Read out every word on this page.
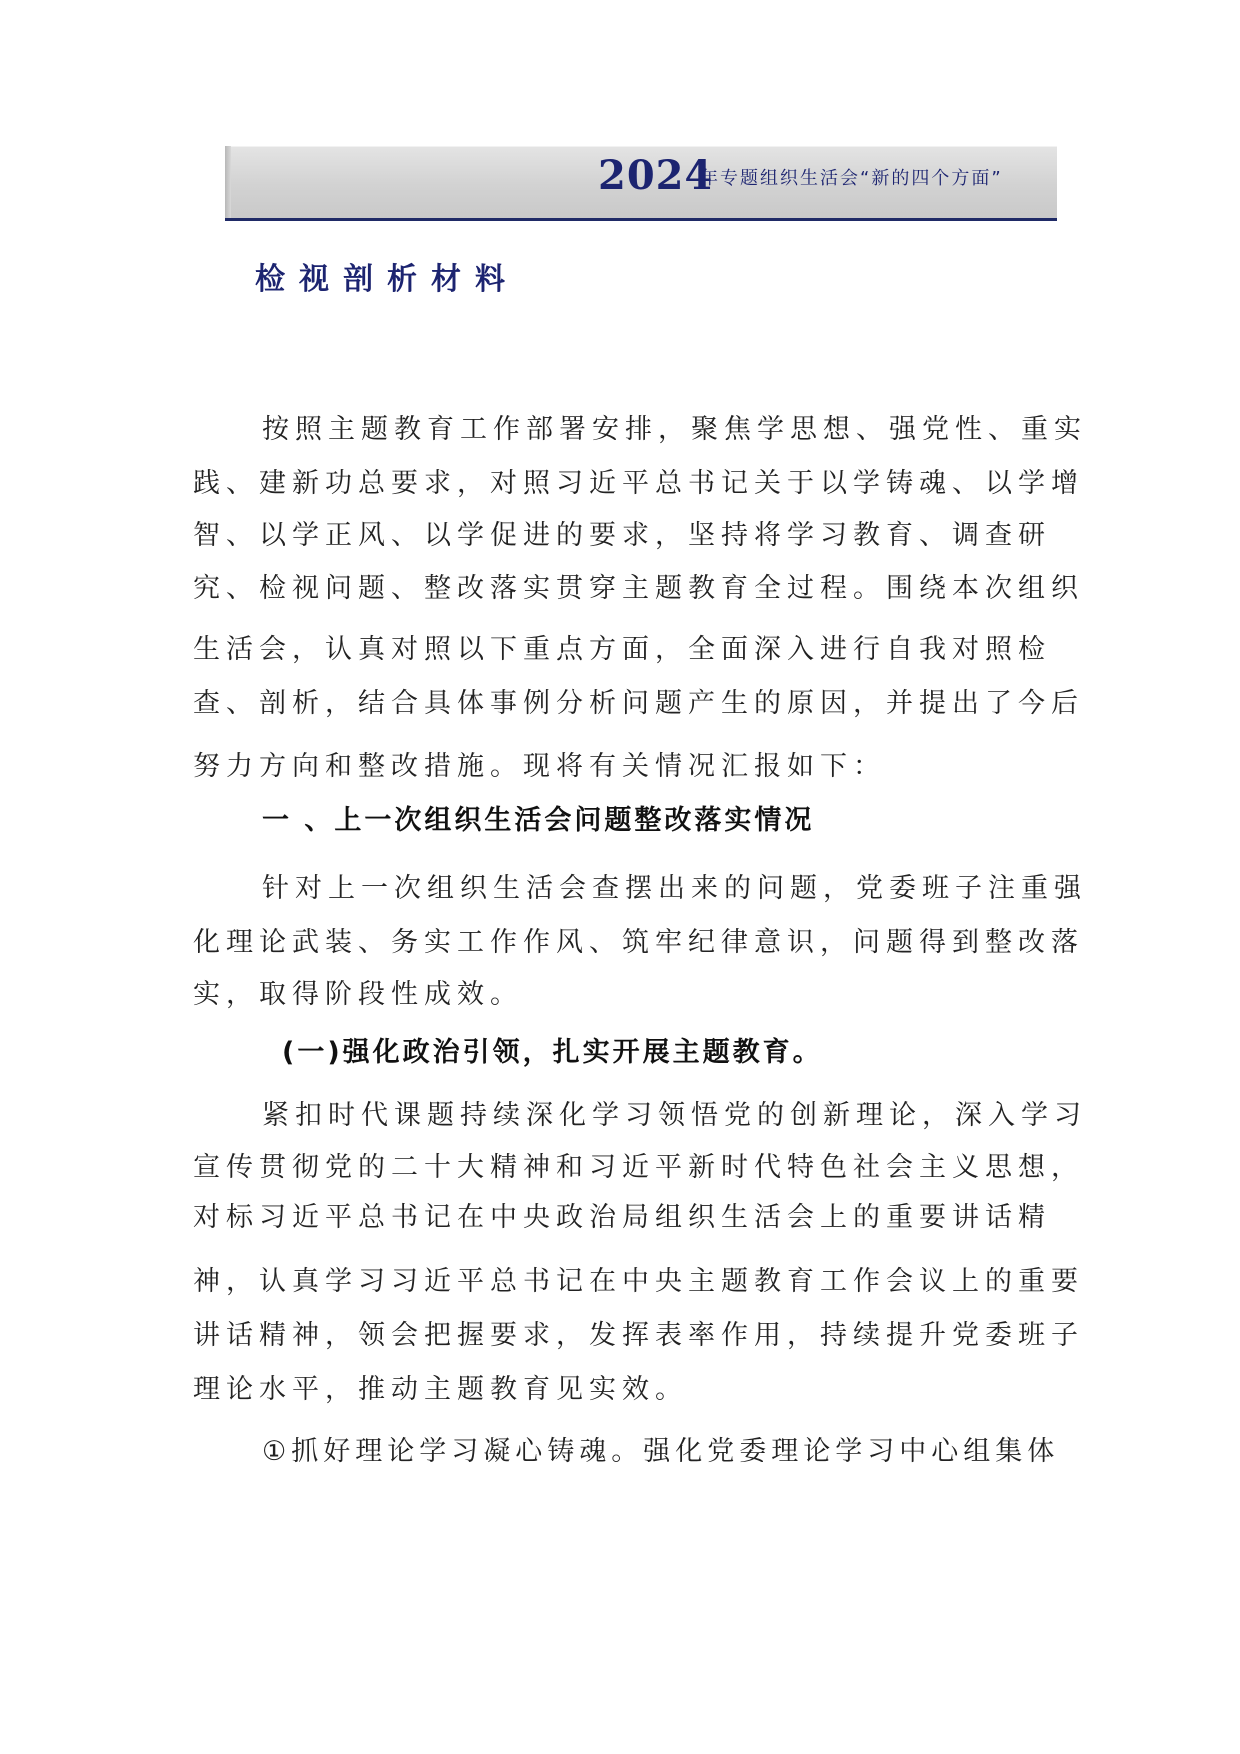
2024
年专题组织生活会“新的四个方面”
检视剖析材料
按照主题教育工作部署安排，聚焦学思想、强党性、重实
践、建新功总要求，对照习近平总书记关于以学铸魂、以学增
智、以学正风、以学促进的要求，坚持将学习教育、调查研
究、检视问题、整改落实贯穿主题教育全过程。围绕本次组织
生活会，认真对照以下重点方面，全面深入进行自我对照检
查、剖析，结合具体事例分析问题产生的原因，并提出了今后
努力方向和整改措施。现将有关情况汇报如下：
一 、上一次组织生活会问题整改落实情况
针对上一次组织生活会查摆出来的问题，党委班子注重强
化理论武装、务实工作作风、筑牢纪律意识，问题得到整改落
实，取得阶段性成效。
(一)强化政治引领，扎实开展主题教育。
紧扣时代课题持续深化学习领悟党的创新理论，深入学习
宣传贯彻党的二十大精神和习近平新时代特色社会主义思想，
对标习近平总书记在中央政治局组织生活会上的重要讲话精
神，认真学习习近平总书记在中央主题教育工作会议上的重要
讲话精神，领会把握要求，发挥表率作用，持续提升党委班子
理论水平，推动主题教育见实效。
①抓好理论学习凝心铸魂。强化党委理论学习中心组集体
